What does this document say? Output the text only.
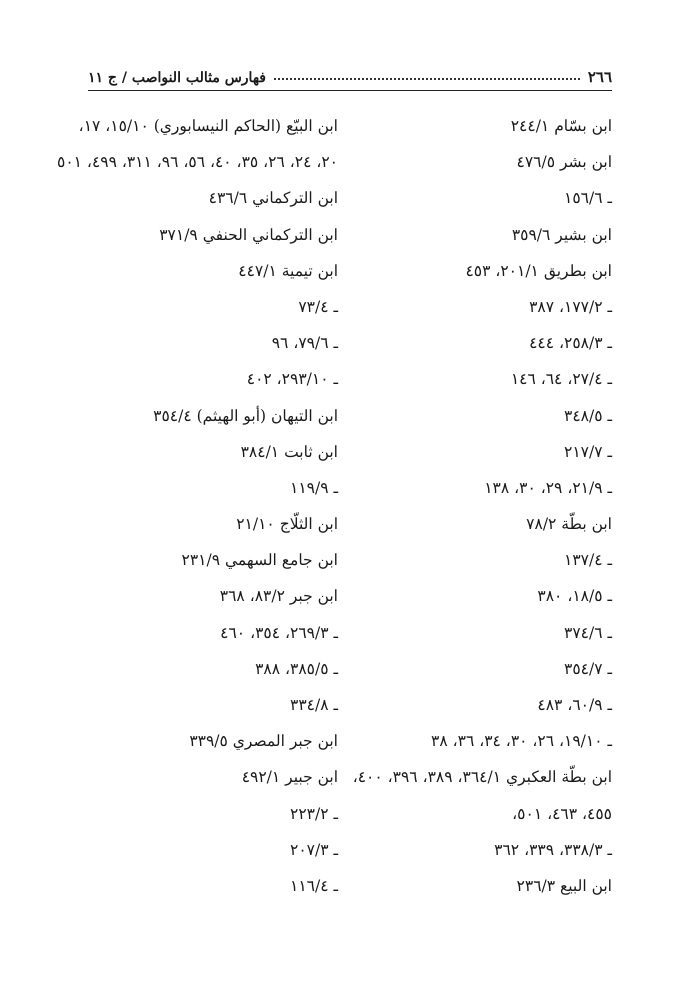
٢٦٦
فهارس مثالب النواصب / ج ١١
ابن بسّام ٢٤٤/١
ابن بشر ٤٧٦/٥
ـ ١٥٦/٦
ابن بشير ٣٥٩/٦
ابن بطريق ٢٠١/١، ٤٥٣
ـ ١٧٧/٢، ٣٨٧
ـ ٢٥٨/٣، ٤٤٤
ـ ٢٧/٤، ٦٤، ١٤٦
ـ ٣٤٨/٥
ـ ٢١٧/٧
ـ ٢١/٩، ٢٩، ٣٠، ١٣٨
ابن بطّة ٧٨/٢
ـ ١٣٧/٤
ـ ١٨/٥، ٣٨٠
ـ ٣٧٤/٦
ـ ٣٥٤/٧
ـ ٦٠/٩، ٤٨٣
ـ ١٩/١٠، ٢٦، ٣٠، ٣٤، ٣٦، ٣٨
ابن بطّة العكبري ٣٦٤/١، ٣٨٩، ٣٩٦، ٤٠٠،
٤٥٥، ٤٦٣، ٥٠١،
ـ ٣٣٨/٣، ٣٣٩، ٣٦٢
ابن البيع ٢٣٦/٣
ابن البيّع (الحاكم النيسابوري) ١٥/١٠، ١٧،
٢٠، ٢٤، ٢٦، ٣٥، ٤٠، ٥٦، ٩٦، ٣١١، ٤٩٩، ٥٠١
ابن التركماني ٤٣٦/٦
ابن التركماني الحنفي ٣٧١/٩
ابن تيمية ٤٤٧/١
ـ ٧٣/٤
ـ ٧٩/٦، ٩٦
ـ ٢٩٣/١٠، ٤٠٢
ابن التيهان (أبو الهيثم) ٣٥٤/٤
ابن ثابت ٣٨٤/١
ـ ١١٩/٩
ابن الثلّاج ٢١/١٠
ابن جامع السهمي ٢٣١/٩
ابن جبر ٨٣/٢، ٣٦٨
ـ ٢٦٩/٣، ٣٥٤، ٤٦٠
ـ ٣٨٥/٥، ٣٨٨
ـ ٣٣٤/٨
ابن جبر المصري ٣٣٩/٥
ابن جبير ٤٩٢/١
ـ ٢٢٣/٢
ـ ٢٠٧/٣
ـ ١١٦/٤
